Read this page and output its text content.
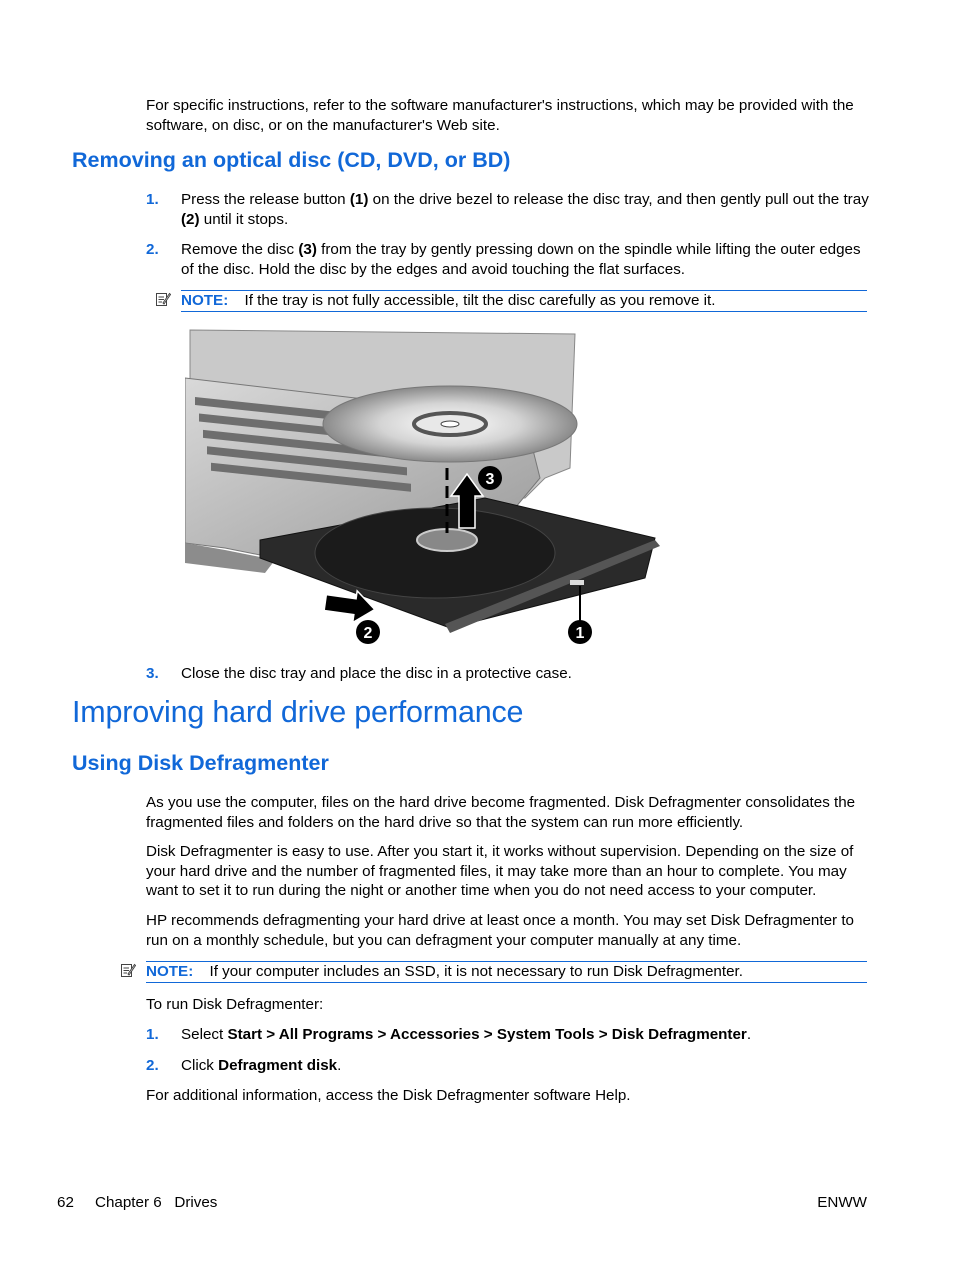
For specific instructions, refer to the software manufacturer's instructions, which may be provided with the software, on disc, or on the manufacturer's Web site.
Removing an optical disc (CD, DVD, or BD)
1.	Press the release button (1) on the drive bezel to release the disc tray, and then gently pull out the tray (2) until it stops.
2.	Remove the disc (3) from the tray by gently pressing down on the spindle while lifting the outer edges of the disc. Hold the disc by the edges and avoid touching the flat surfaces.
NOTE: If the tray is not fully accessible, tilt the disc carefully as you remove it.
3
2	1
3.	Close the disc tray and place the disc in a protective case.
Improving hard drive performance
Using Disk Defragmenter
As you use the computer, files on the hard drive become fragmented. Disk Defragmenter consolidates the fragmented files and folders on the hard drive so that the system can run more efficiently.
Disk Defragmenter is easy to use. After you start it, it works without supervision. Depending on the size of your hard drive and the number of fragmented files, it may take more than an hour to complete. You may want to set it to run during the night or another time when you do not need access to your computer.
HP recommends defragmenting your hard drive at least once a month. You may set Disk Defragmenter to run on a monthly schedule, but you can defragment your computer manually at any time.
NOTE: If your computer includes an SSD, it is not necessary to run Disk Defragmenter.
To run Disk Defragmenter:
1.	Select Start > All Programs > Accessories > System Tools > Disk Defragmenter.
2.	Click Defragment disk.
For additional information, access the Disk Defragmenter software Help.
62 Chapter 6   Drives	ENWW
